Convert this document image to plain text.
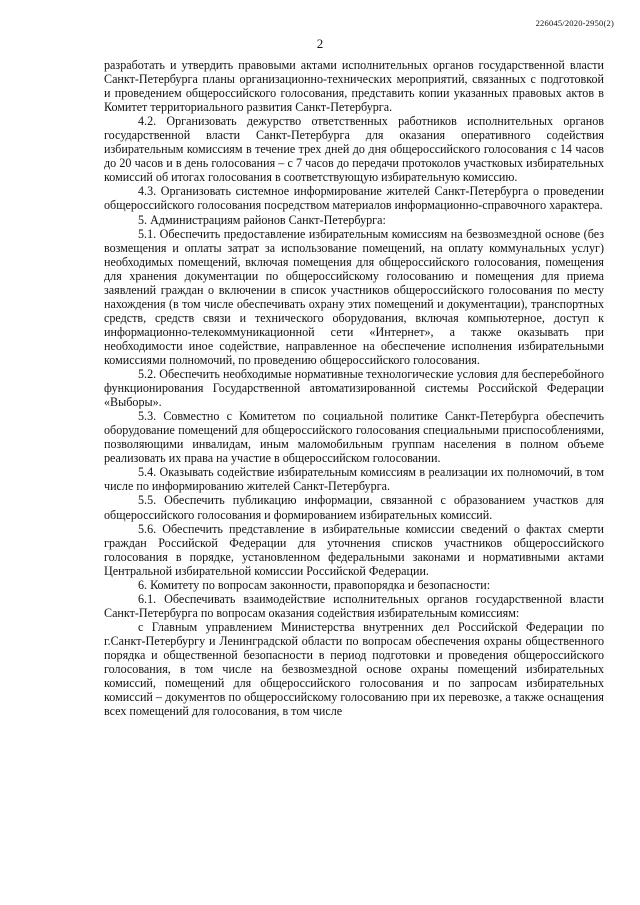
226045/2020-2950(2)
2

разработать и утвердить правовыми актами исполнительных органов государственной власти Санкт-Петербурга планы организационно-технических мероприятий, связанных с подготовкой и проведением общероссийского голосования, представить копии указанных правовых актов в Комитет территориального развития Санкт-Петербурга.

4.2. Организовать дежурство ответственных работников исполнительных органов государственной власти Санкт-Петербурга для оказания оперативного содействия избирательным комиссиям в течение трех дней до дня общероссийского голосования с 14 часов до 20 часов и в день голосования – с 7 часов до передачи протоколов участковых избирательных комиссий об итогах голосования в соответствующую избирательную комиссию.

4.3. Организовать системное информирование жителей Санкт-Петербурга о проведении общероссийского голосования посредством материалов информационно-справочного характера.

5. Администрациям районов Санкт-Петербурга:

5.1. Обеспечить предоставление избирательным комиссиям на безвозмездной основе (без возмещения и оплаты затрат за использование помещений, на оплату коммунальных услуг) необходимых помещений, включая помещения для общероссийского голосования, помещения для хранения документации по общероссийскому голосованию и помещения для приема заявлений граждан о включении в список участников общероссийского голосования по месту нахождения (в том числе обеспечивать охрану этих помещений и документации), транспортных средств, средств связи и технического оборудования, включая компьютерное, доступ к информационно-телекоммуникационной сети «Интернет», а также оказывать при необходимости иное содействие, направленное на обеспечение исполнения избирательными комиссиями полномочий, по проведению общероссийского голосования.

5.2. Обеспечить необходимые нормативные технологические условия для бесперебойного функционирования Государственной автоматизированной системы Российской Федерации «Выборы».

5.3. Совместно с Комитетом по социальной политике Санкт-Петербурга обеспечить оборудование помещений для общероссийского голосования специальными приспособлениями, позволяющими инвалидам, иным маломобильным группам населения в полном объеме реализовать их права на участие в общероссийском голосовании.

5.4. Оказывать содействие избирательным комиссиям в реализации их полномочий, в том числе по информированию жителей Санкт-Петербурга.

5.5. Обеспечить публикацию информации, связанной с образованием участков для общероссийского голосования и формированием избирательных комиссий.

5.6. Обеспечить представление в избирательные комиссии сведений о фактах смерти граждан Российской Федерации для уточнения списков участников общероссийского голосования в порядке, установленном федеральными законами и нормативными актами Центральной избирательной комиссии Российской Федерации.

6. Комитету по вопросам законности, правопорядка и безопасности:

6.1. Обеспечивать взаимодействие исполнительных органов государственной власти Санкт-Петербурга по вопросам оказания содействия избирательным комиссиям:

с Главным управлением Министерства внутренних дел Российской Федерации по г.Санкт-Петербургу и Ленинградской области по вопросам обеспечения охраны общественного порядка и общественной безопасности в период подготовки и проведения общероссийского голосования, в том числе на безвозмездной основе охраны помещений избирательных комиссий, помещений для общероссийского голосования и по запросам избирательных комиссий – документов по общероссийскому голосованию при их перевозке, а также оснащения всех помещений для голосования, в том числе
